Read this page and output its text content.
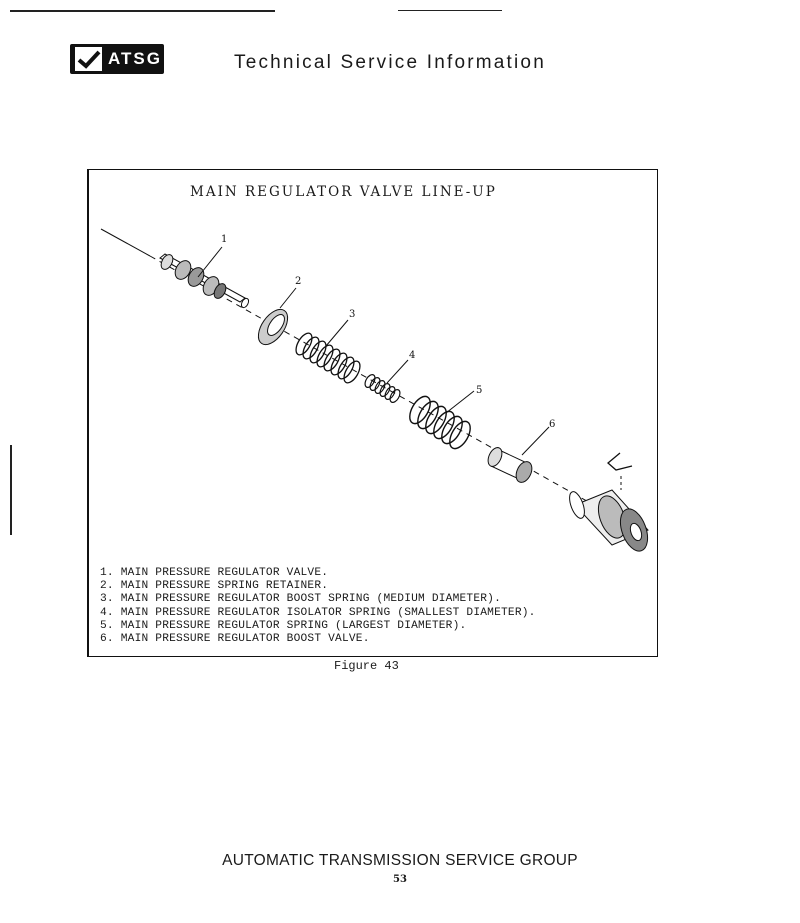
ATSG	Technical Service Information
MAIN REGULATOR VALVE LINE-UP
1
2
3
4
5
6
1. MAIN PRESSURE REGULATOR VALVE.
2. MAIN PRESSURE SPRING RETAINER.
3. MAIN PRESSURE REGULATOR BOOST SPRING (MEDIUM DIAMETER).
4. MAIN PRESSURE REGULATOR ISOLATOR SPRING (SMALLEST DIAMETER).
5. MAIN PRESSURE REGULATOR SPRING (LARGEST DIAMETER).
6. MAIN PRESSURE REGULATOR BOOST VALVE.
Figure 43
AUTOMATIC TRANSMISSION SERVICE GROUP
53
